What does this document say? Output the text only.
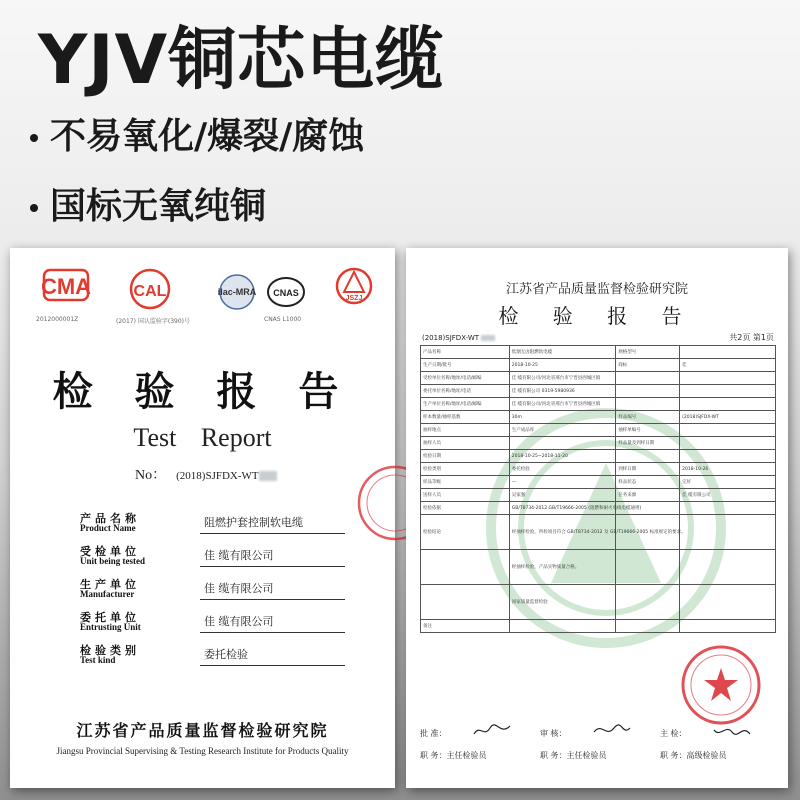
YJV铜芯电缆
不易氧化/爆裂/腐蚀
国标无氧纯铜
CMA
2012000001Z
CAL
(2017) 国认监验字(390)号
ilac-MRA CNAS
CNAS L1000
JSZJ
检 验 报 告
Test Report
No： (2018)SJFDX-WT
产品名称
Product Name	阻燃护套控制软电缆
受检单位
Unit being tested	佳 缆有限公司
生产单位
Manufacturer	佳 缆有限公司
委托单位
Entrusting Unit	佳 缆有限公司
检验类别
Test kind	委托检验
江苏省产品质量监督检验研究院
Jiangsu Provincial Supervising & Testing Research Institute for Products Quality
江苏省产品质量监督检验研究院
检 验 报 告
(2018)SJFDX-WT	共2页 第1页
产品名称	低烟无卤阻燃软电缆	规格型号	
生产日期/批号	2018-10-25	商标	佳
受检单位名称/地址/电话/邮编	佳 缆有限公司/河北省邢台市宁晋县西城区镇		
委托单位名称/地址/电话	佳 缆有限公司 0319-5980936		
生产单位名称/地址/电话/邮编	佳 缆有限公司/河北省邢台市宁晋县西城区镇		
样本数量/抽样基数	30m	样品编号	(2018)SJFDX-WT
抽样地点	生产成品库	抽样单编号	
抽样人员		样品量及到样日期	
检验日期	2018-10-25~2018-11-20		
检验类别	委托检验	到样日期	2018-10-26
样品等级	—	样品状态	完好
送样人员	吴家强	任务来源	佳 缆有限公司
检验依据	GB/T8734-2012 GB/T19666-2005 (阻燃和耐火电线电缆通则)		
检验结论	经抽样检验，所检项目符合 GB/T8734-2012 及 GB/T19666-2005 标准规定的要求。		
	经抽样检验，产品实物质量合格。		
	国家质量监督检验		
备注			
批 准：	审 核：	主 检：
职 务：主任检验员	职 务：主任检验员	职 务：高级检验员
